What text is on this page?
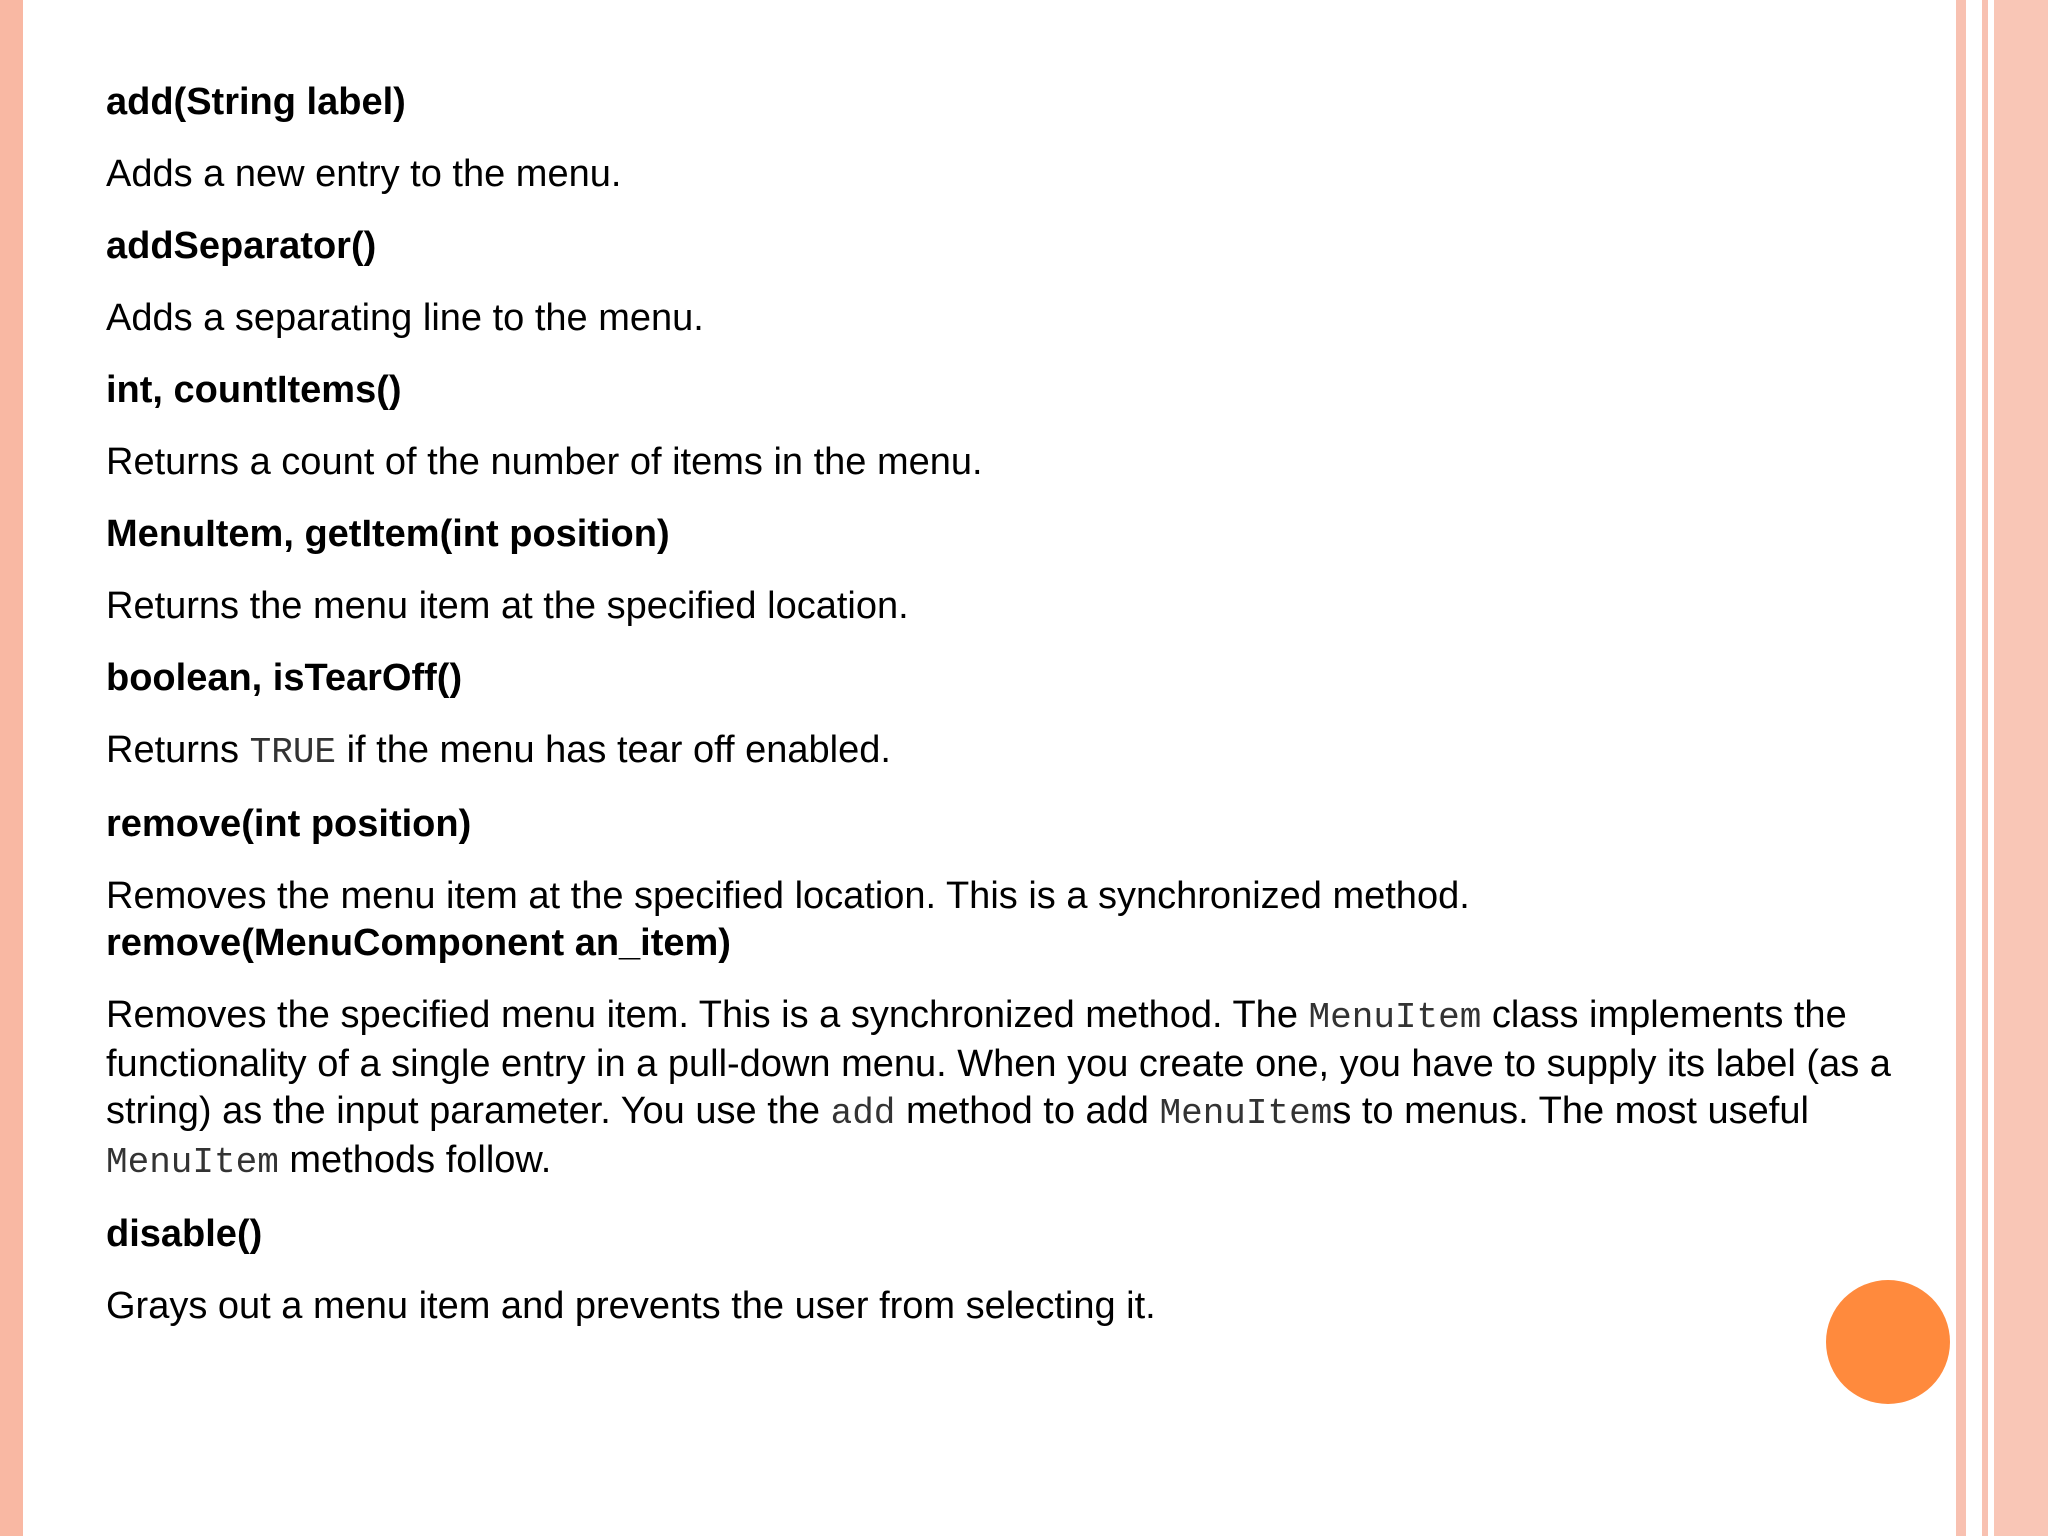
add(String label)
Adds a new entry to the menu.
addSeparator()
Adds a separating line to the menu.
int, countItems()
Returns a count of the number of items in the menu.
MenuItem, getItem(int position)
Returns the menu item at the specified location.
boolean, isTearOff()
Returns TRUE if the menu has tear off enabled.
remove(int position)
Removes the menu item at the specified location. This is a synchronized method.
remove(MenuComponent an_item)
Removes the specified menu item. This is a synchronized method. The MenuItem class implements the functionality of a single entry in a pull-down menu. When you create one, you have to supply its label (as a string) as the input parameter. You use the add method to add MenuItems to menus. The most useful MenuItem methods follow.
disable()
Grays out a menu item and prevents the user from selecting it.
